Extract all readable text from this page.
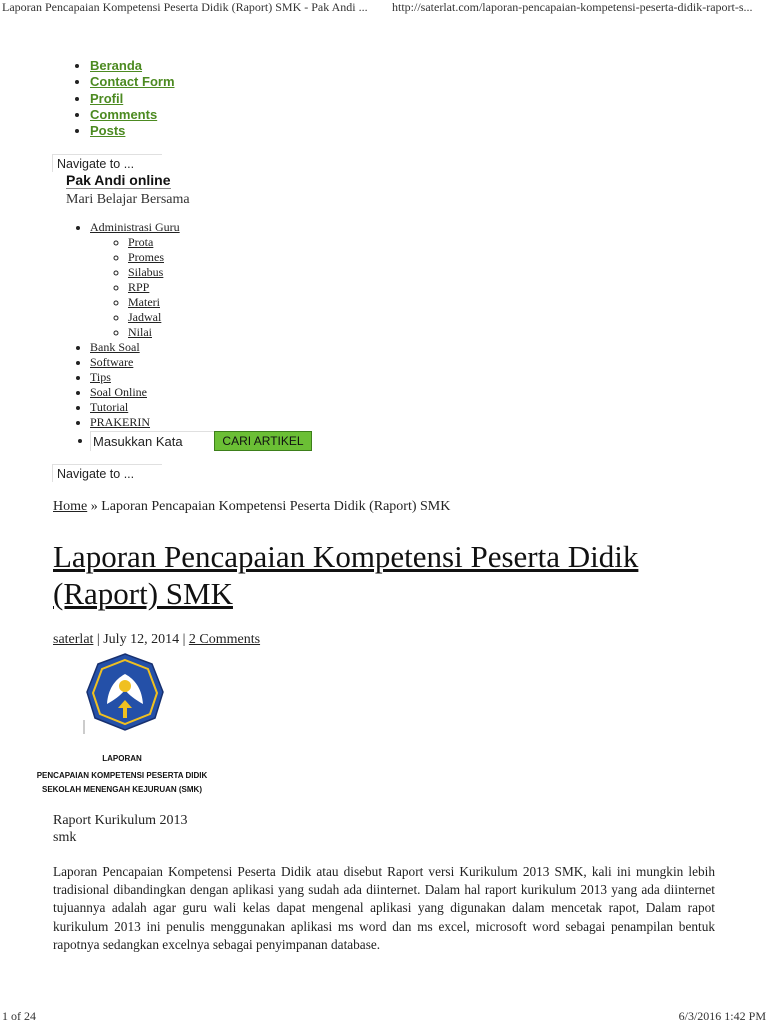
Laporan Pencapaian Kompetensi Peserta Didik (Raport) SMK - Pak Andi ... http://saterlat.com/laporan-pencapaian-kompetensi-peserta-didik-raport-s...
• Beranda
• Contact Form
• Profil
• Comments
• Posts
Navigate to ...
Pak Andi online
Mari Belajar Bersama
• Administrasi Guru
◦ Prota
◦ Promes
◦ Silabus
◦ RPP
◦ Materi
◦ Jadwal
◦ Nilai
• Bank Soal
• Software
• Tips
• Soal Online
• Tutorial
• PRAKERIN
Masukkan Kata
CARI ARTIKEL
Navigate to ...
Home » Laporan Pencapaian Kompetensi Peserta Didik (Raport) SMK
Laporan Pencapaian Kompetensi Peserta Didik (Raport) SMK
saterlat | July 12, 2014 | 2 Comments
LAPORAN
PENCAPAIAN KOMPETENSI PESERTA DIDIK
SEKOLAH MENENGAH KEJURUAN (SMK)
Raport Kurikulum 2013 smk

Laporan Pencapaian Kompetensi Peserta Didik atau disebut Raport versi Kurikulum 2013 SMK, kali ini mungkin lebih tradisional dibandingkan dengan aplikasi yang sudah ada diinternet. Dalam hal raport kurikulum 2013 yang ada diinternet tujuannya adalah agar guru wali kelas dapat mengenal aplikasi yang digunakan dalam mencetak rapot, Dalam rapot kurikulum 2013 ini penulis menggunakan aplikasi ms word dan ms excel, microsoft word sebagai penampilan bentuk rapotnya sedangkan excelnya sebagai penyimpanan database.

1 of 24	6/3/2016 1:42 PM
